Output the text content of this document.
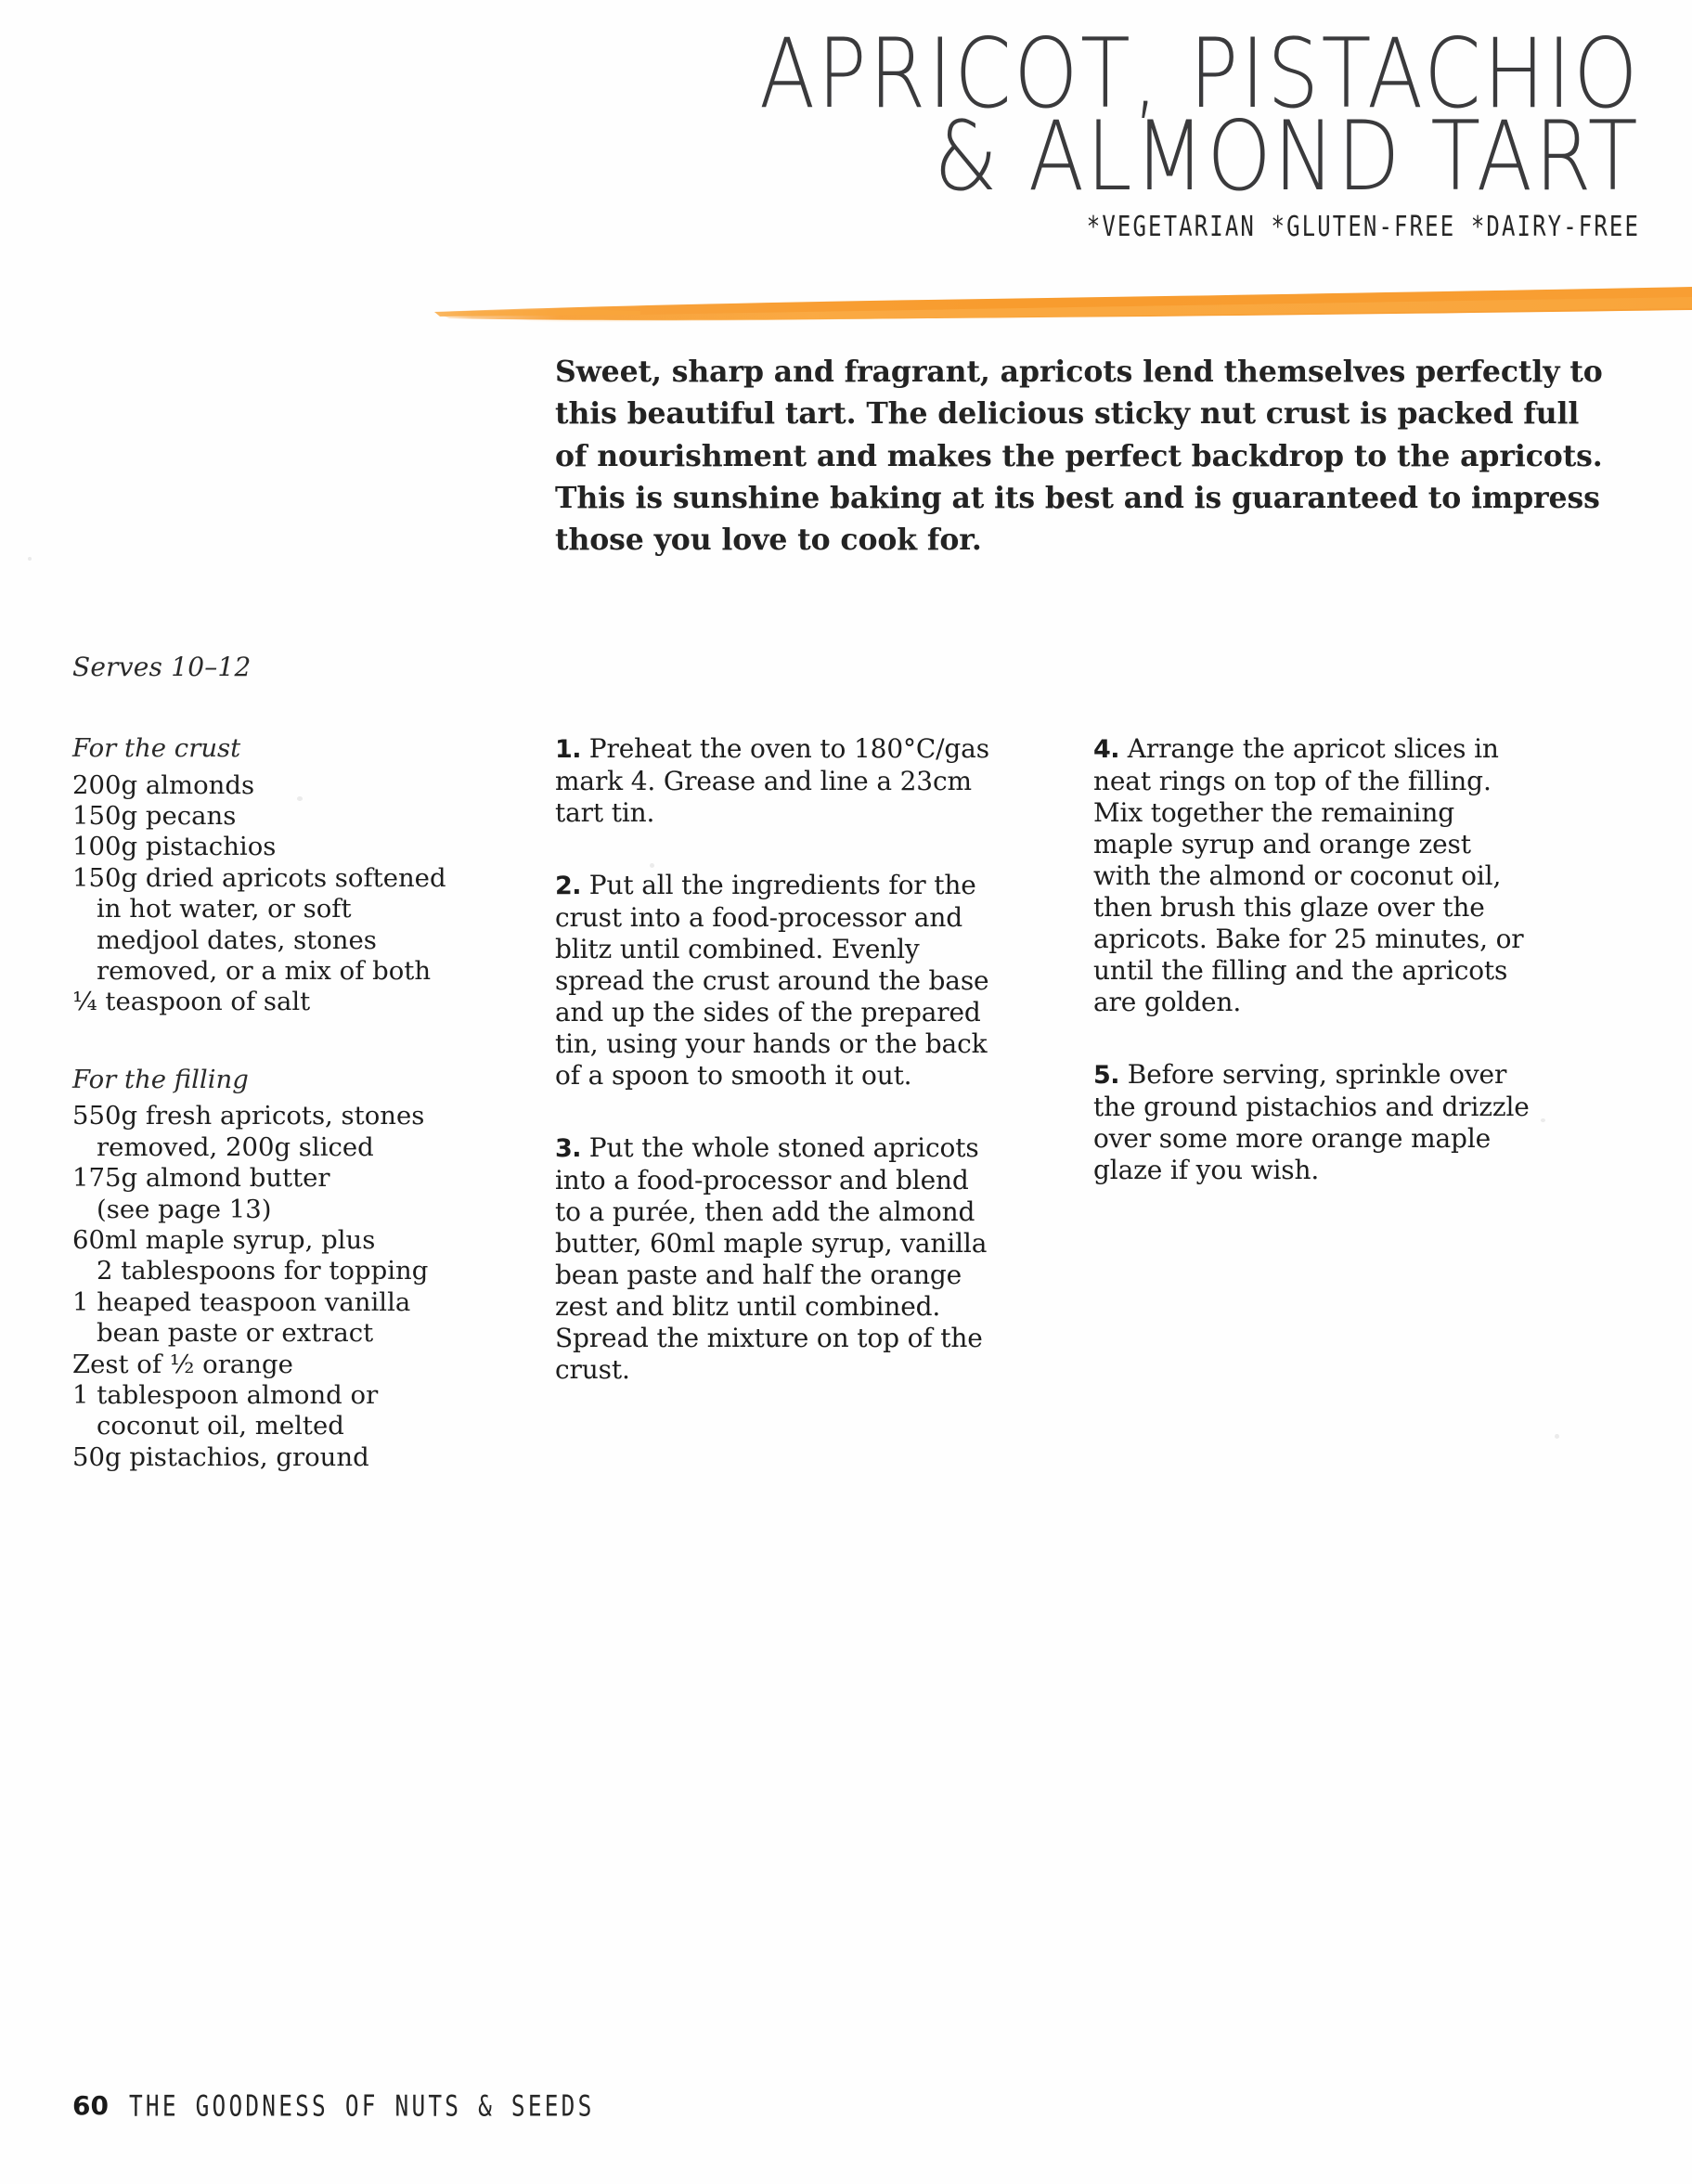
APRICOT, PISTACHIO
& ALMOND TART
*VEGETARIAN *GLUTEN-FREE *DAIRY-FREE
Sweet, sharp and fragrant, apricots lend themselves perfectly to this beautiful tart. The delicious sticky nut crust is packed full of nourishment and makes the perfect backdrop to the apricots. This is sunshine baking at its best and is guaranteed to impress those you love to cook for.
Serves 10–12
For the crust
200g almonds
150g pecans
100g pistachios
150g dried apricots softened
in hot water, or soft
medjool dates, stones
removed, or a mix of both
¼ teaspoon of salt
For the filling
550g fresh apricots, stones
removed, 200g sliced
175g almond butter
(see page 13)
60ml maple syrup, plus
2 tablespoons for topping
1 heaped teaspoon vanilla
bean paste or extract
Zest of ½ orange
1 tablespoon almond or
coconut oil, melted
50g pistachios, ground

1. Preheat the oven to 180°C/gas mark 4. Grease and line a 23cm tart tin.

2. Put all the ingredients for the crust into a food-processor and blitz until combined. Evenly spread the crust around the base and up the sides of the prepared tin, using your hands or the back of a spoon to smooth it out.

3. Put the whole stoned apricots into a food-processor and blend to a purée, then add the almond butter, 60ml maple syrup, vanilla bean paste and half the orange zest and blitz until combined. Spread the mixture on top of the crust.

4. Arrange the apricot slices in neat rings on top of the filling. Mix together the remaining maple syrup and orange zest with the almond or coconut oil, then brush this glaze over the apricots. Bake for 25 minutes, or until the filling and the apricots are golden.

5. Before serving, sprinkle over the ground pistachios and drizzle over some more orange maple glaze if you wish.

60 THE GOODNESS OF NUTS & SEEDS
